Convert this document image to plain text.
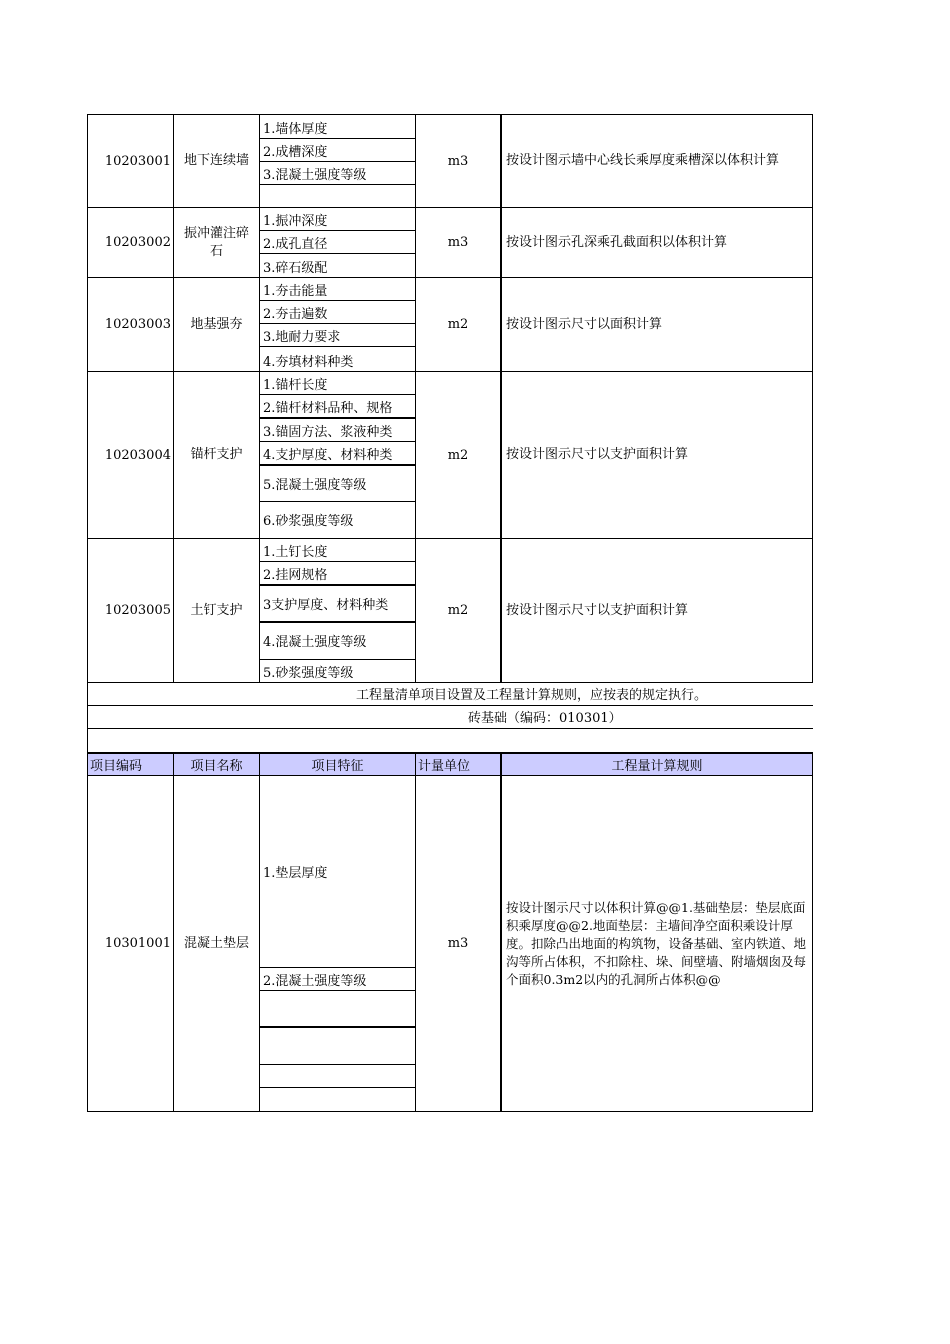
10203001 地下连续墙
1.墙体厚度
2.成槽深度
3.混凝土强度等级
m3	按设计图示墙中心线长乘厚度乘槽深以体积计算
10203002
振冲灌注碎石
1.振冲深度
2.成孔直径
3.碎石级配
m3	按设计图示孔深乘孔截面积以体积计算
10203003	地基强夯
1.夯击能量
2.夯击遍数
3.地耐力要求
4.夯填材料种类
m2	按设计图示尺寸以面积计算
10203004	锚杆支护
1.锚杆长度
2.锚杆材料品种、规格
3.锚固方法、浆液种类
4.支护厚度、材料种类
5.混凝土强度等级
6.砂浆强度等级
m2	按设计图示尺寸以支护面积计算
10203005	土钉支护
1.土钉长度
2.挂网规格
3支护厚度、材料种类
4.混凝土强度等级
5.砂浆强度等级
m2	按设计图示尺寸以支护面积计算
工程量清单项目设置及工程量计算规则，应按表的规定执行。
砖基础（编码：010301）
项目编码	项目名称	项目特征	计量单位	工程量计算规则
10301001 混凝土垫层
1.垫层厚度
2.混凝土强度等级
m3
按设计图示尺寸以体积计算@@1.基础垫层：垫层底面积乘厚度@@2.地面垫层：主墙间净空面积乘设计厚度。扣除凸出地面的构筑物，设备基础、室内铁道、地沟等所占体积，不扣除柱、垛、间壁墙、附墙烟囱及每个面积0.3m2以内的孔洞所占体积@@
